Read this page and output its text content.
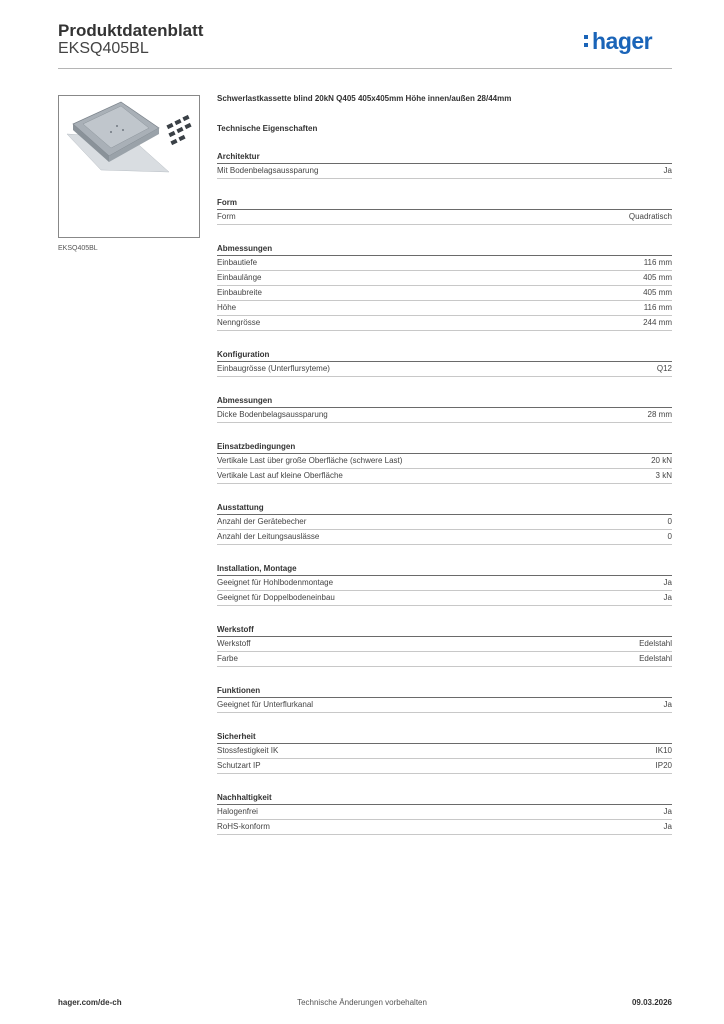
Produktdatenblatt
EKSQ405BL	hager
EKSQ405BL
Schwerlastkassette blind 20kN Q405 405x405mm Höhe innen/außen 28/44mm
Technische Eigenschaften
Architektur
Mit Bodenbelagsaussparung	Ja
Form
Form	Quadratisch
Abmessungen
Einbautiefe	116 mm
Einbaulänge	405 mm
Einbaubreite	405 mm
Höhe	116 mm
Nenngrösse	244 mm
Konfiguration
Einbaugrösse (Unterflursyteme)	Q12
Abmessungen
Dicke Bodenbelagsaussparung	28 mm
Einsatzbedingungen
Vertikale Last über große Oberfläche (schwere Last)	20 kN
Vertikale Last auf kleine Oberfläche	3 kN
Ausstattung
Anzahl der Gerätebecher	0
Anzahl der Leitungsauslässe	0
Installation, Montage
Geeignet für Hohlbodenmontage	Ja
Geeignet für Doppelbodeneinbau	Ja
Werkstoff
Werkstoff	Edelstahl
Farbe	Edelstahl
Funktionen
Geeignet für Unterflurkanal	Ja
Sicherheit
Stossfestigkeit IK	IK10
Schutzart IP	IP20
Nachhaltigkeit
Halogenfrei	Ja
RoHS-konform	Ja
hager.com/de-ch	Technische Änderungen vorbehalten	09.03.2026
